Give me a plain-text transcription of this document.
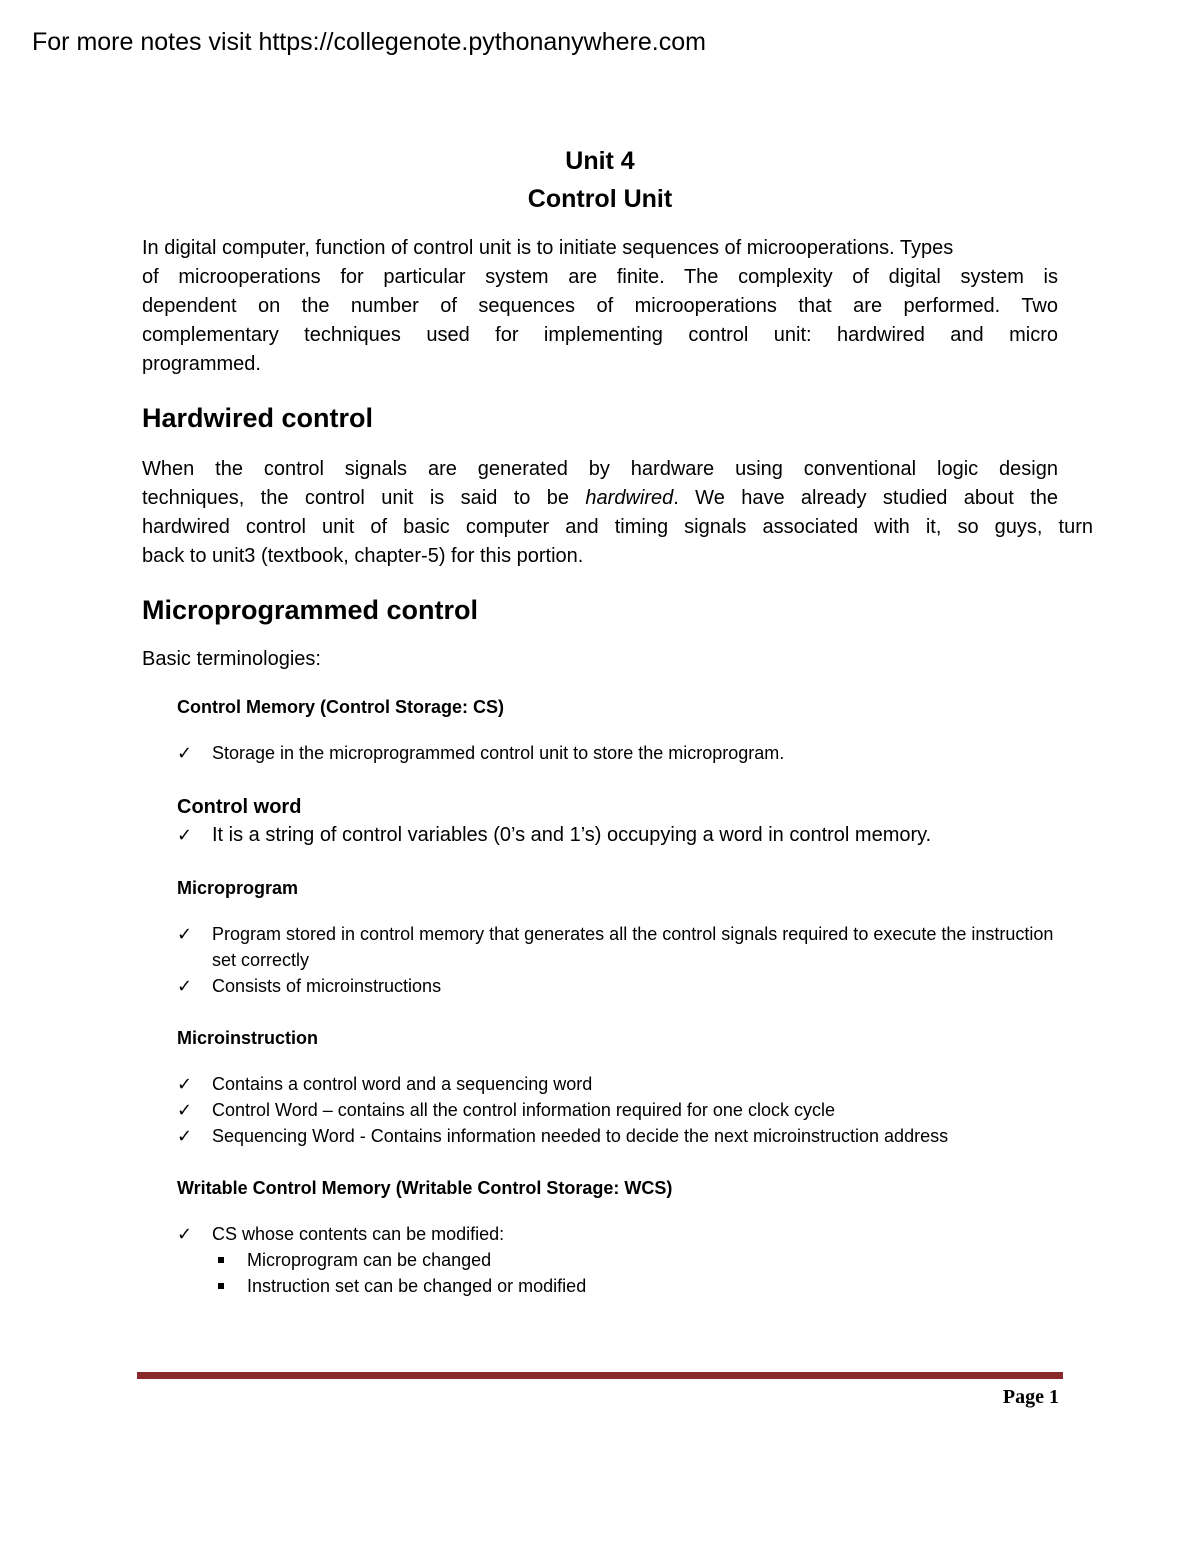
For more notes visit https://collegenote.pythonanywhere.com
Unit 4
Control Unit
In digital computer, function of control unit is to initiate sequences of microoperations. Types
of microoperations for particular system are finite. The complexity of digital system is
dependent on the number of sequences of microoperations that are performed. Two
complementary techniques used for implementing control unit: hardwired and micro
programmed.
Hardwired control
When the control signals are generated by hardware using conventional logic design
techniques, the control unit is said to be hardwired. We have already studied about the
hardwired control unit of basic computer and timing signals associated with it, so guys, turn
back to unit3 (textbook, chapter-5) for this portion.
Microprogrammed control
Basic terminologies:
Control Memory (Control Storage: CS)
✓ Storage in the microprogrammed control unit to store the microprogram.
Control word
✓ It is a string of control variables (0’s and 1’s) occupying a word in control memory.
Microprogram
✓ Program stored in control memory that generates all the control signals required to execute the instruction set correctly
✓ Consists of microinstructions
Microinstruction
✓ Contains a control word and a sequencing word
✓ Control Word – contains all the control information required for one clock cycle
✓ Sequencing Word - Contains information needed to decide the next microinstruction address
Writable Control Memory (Writable Control Storage: WCS)
✓ CS whose contents can be modified:
Microprogram can be changed
Instruction set can be changed or modified
Page 1
